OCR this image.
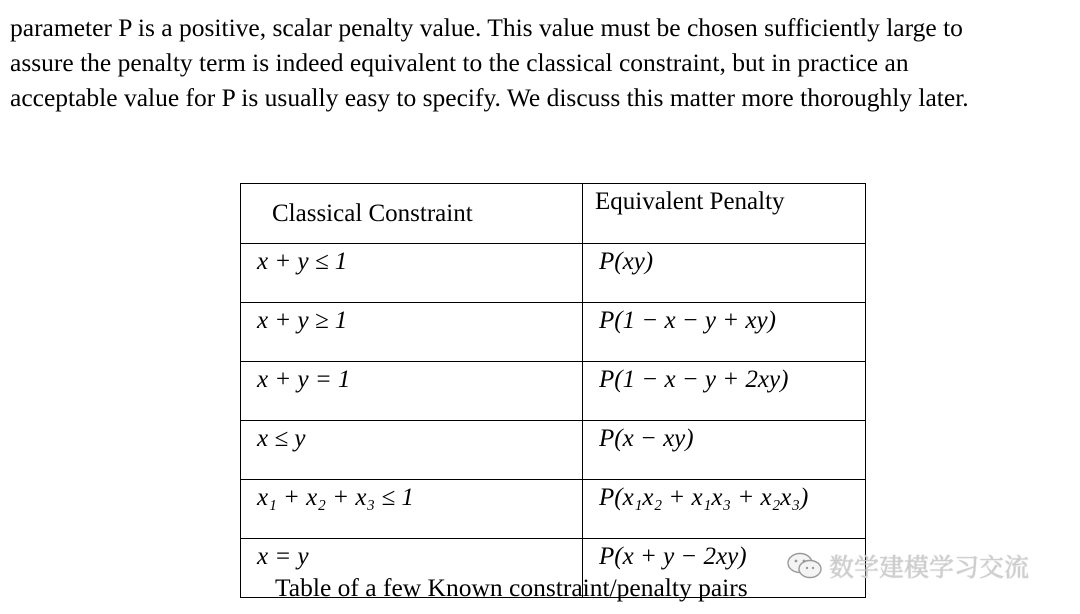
parameter P is a positive, scalar penalty value. This value must be chosen sufficiently large to
assure the penalty term is indeed equivalent to the classical constraint, but in practice an
acceptable value for P is usually easy to specify. We discuss this matter more thoroughly later.

Classical Constraint	Equivalent Penalty
x + y ≤ 1	P(xy)
x + y ≥ 1	P(1 − x − y + xy)
x + y = 1	P(1 − x − y + 2xy)
x ≤ y	P(x − xy)
x₁ + x₂ + x₃ ≤ 1	P(x₁x₂ + x₁x₃ + x₂x₃)
x = y	P(x + y − 2xy)
Table of a few Known constraint/penalty pairs
数学建模学习交流
